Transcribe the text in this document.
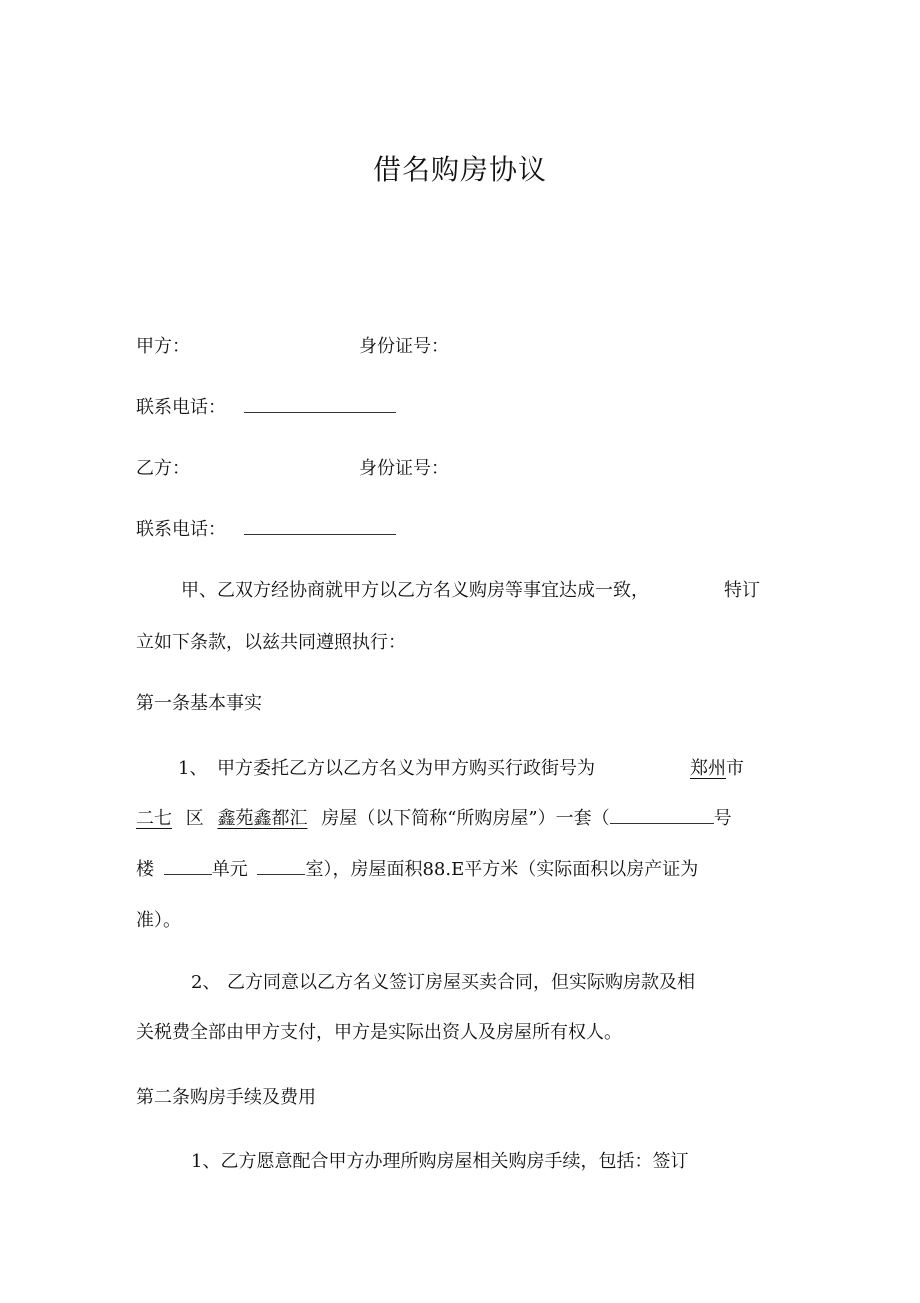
借名购房协议
甲方：	身份证号：
联系电话：
乙方：	身份证号：
联系电话：
甲、乙双方经协商就甲方以乙方名义购房等事宜达成一致，	特订
立如下条款，以兹共同遵照执行：
第一条基本事实
1、 甲方委托乙方以乙方名义为甲方购买行政街号为	郑州市
二七 区 鑫苑鑫都汇 房屋（以下简称“所购房屋”）一套（	号
楼	单元	室），房屋面积88.E平方米（实际面积以房产证为
准）。
2、 乙方同意以乙方名义签订房屋买卖合同，但实际购房款及相
关税费全部由甲方支付，甲方是实际出资人及房屋所有权人。
第二条购房手续及费用
1、乙方愿意配合甲方办理所购房屋相关购房手续，包括：签订
